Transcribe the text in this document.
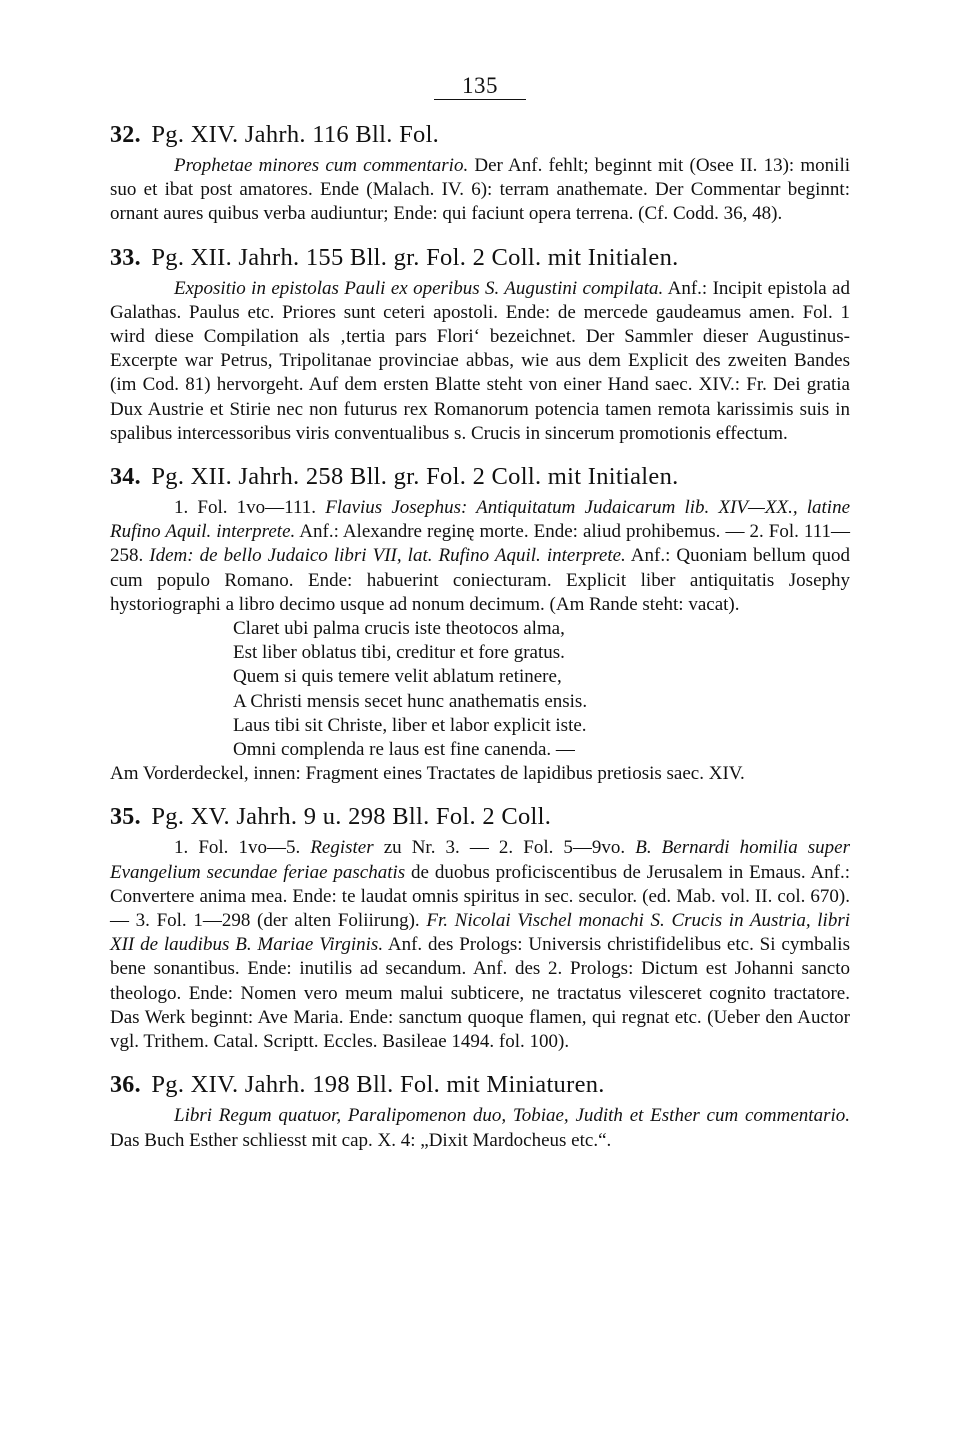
135
32. Pg. XIV. Jahrh. 116 Bll. Fol.

Prophetae minores cum commentario. Der Anf. fehlt; beginnt mit (Osee II. 13): monili suo et ibat post amatores. Ende (Malach. IV. 6): terram anathemate. Der Commentar beginnt: ornant aures quibus verba audiuntur; Ende: qui faciunt opera terrena. (Cf. Codd. 36, 48).

33. Pg. XII. Jahrh. 155 Bll. gr. Fol. 2 Coll. mit Initialen.

Expositio in epistolas Pauli ex operibus S. Augustini compilata. Anf.: Incipit epistola ad Galathas. Paulus etc. Priores sunt ceteri apostoli. Ende: de mercede gaudeamus amen. Fol. 1 wird diese Compilation als ‚tertia pars Flori‘ bezeichnet. Der Sammler dieser Augustinus-Excerpte war Petrus, Tripolitanae provinciae abbas, wie aus dem Explicit des zweiten Bandes (im Cod. 81) hervorgeht. Auf dem ersten Blatte steht von einer Hand saec. XIV.: Fr. Dei gratia Dux Austrie et Stirie nec non futurus rex Romanorum potencia tamen remota karissimis suis in spalibus intercessoribus viris conventualibus s. Crucis in sincerum promotionis effectum.

34. Pg. XII. Jahrh. 258 Bll. gr. Fol. 2 Coll. mit Initialen.

1. Fol. 1vo—111. Flavius Josephus: Antiquitatum Judaicarum lib. XIV—XX., latine Rufino Aquil. interprete. Anf.: Alexandre reginę morte. Ende: aliud prohibemus. — 2. Fol. 111—258. Idem: de bello Judaico libri VII, lat. Rufino Aquil. interprete. Anf.: Quoniam bellum quod cum populo Romano. Ende: habuerint coniecturam. Explicit liber antiquitatis Josephy hystoriographi a libro decimo usque ad nonum decimum. (Am Rande steht: vacat).

Claret ubi palma crucis iste theotocos alma,
Est liber oblatus tibi, creditur et fore gratus.
Quem si quis temere velit ablatum retinere,
A Christi mensis secet hunc anathematis ensis.
Laus tibi sit Christe, liber et labor explicit iste.
Omni complenda re laus est fine canenda. —

Am Vorderdeckel, innen: Fragment eines Tractates de lapidibus pretiosis saec. XIV.

35. Pg. XV. Jahrh. 9 u. 298 Bll. Fol. 2 Coll.

1. Fol. 1vo—5. Register zu Nr. 3. — 2. Fol. 5—9vo. B. Bernardi homilia super Evangelium secundae feriae paschatis de duobus proficiscentibus de Jerusalem in Emaus. Anf.: Convertere anima mea. Ende: te laudat omnis spiritus in sec. seculor. (ed. Mab. vol. II. col. 670). — 3. Fol. 1—298 (der alten Foliirung). Fr. Nicolai Vischel monachi S. Crucis in Austria, libri XII de laudibus B. Mariae Virginis. Anf. des Prologs: Universis christifidelibus etc. Si cymbalis bene sonantibus. Ende: inutilis ad secandum. Anf. des 2. Prologs: Dictum est Johanni sancto theologo. Ende: Nomen vero meum malui subticere, ne tractatus vilesceret cognito tractatore. Das Werk beginnt: Ave Maria. Ende: sanctum quoque flamen, qui regnat etc. (Ueber den Auctor vgl. Trithem. Catal. Scriptt. Eccles. Basileae 1494. fol. 100).

36. Pg. XIV. Jahrh. 198 Bll. Fol. mit Miniaturen.

Libri Regum quatuor, Paralipomenon duo, Tobiae, Judith et Esther cum commentario. Das Buch Esther schliesst mit cap. X. 4: „Dixit Mardocheus etc.“.
